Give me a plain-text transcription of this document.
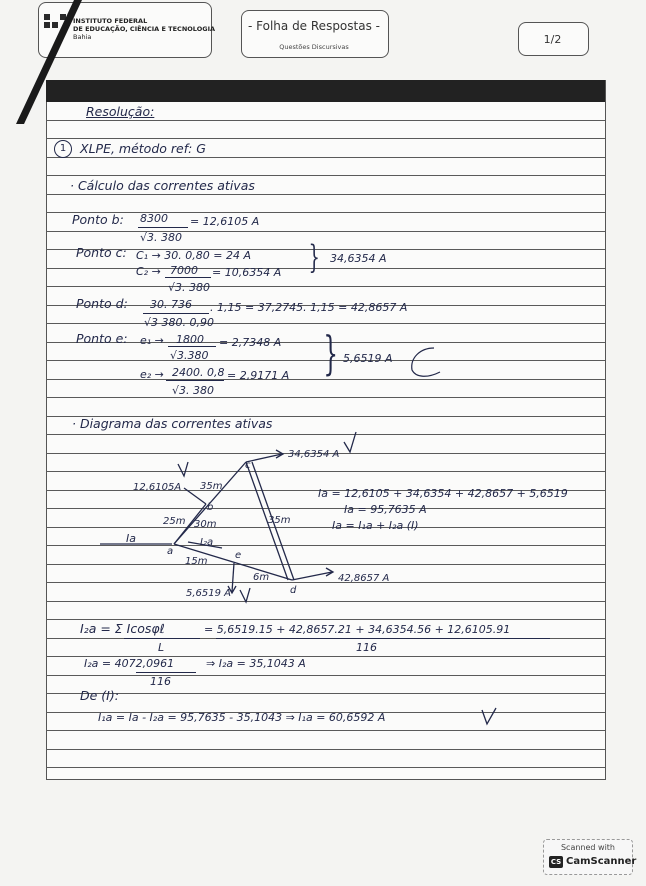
INSTITUTO FEDERAL
DE EDUCAÇÃO, CIÊNCIA E TECNOLOGIA
Bahia
- Folha de Respostas -
Questões Discursivas
1/2
Resolução:
1	XLPE, método ref: G
· Cálculo das correntes ativas
Ponto b: 8300
√3. 380
= 12,6105 A
Ponto c: C₁ → 30. 0,80 = 24 A
C₂ → 7000
√3. 380
= 10,6354 A } 34,6354 A
Ponto d: 30. 736
√3 380. 0,90
. 1,15 = 37,2745. 1,15 = 42,8657 A
Ponto e: e₁ → 1800
√3.380
= 2,7348 A
e₂ → 2400. 0,8
√3. 380
= 2,9171 A } 5,6519 A
· Diagrama das correntes ativas
34,6354 A
c
12,6105A 35m
b
25m 30m	35m
Ia	I₂a
a	e
15m
6m	42,8657 A
d
5,6519 A
Ia = 12,6105 + 34,6354 + 42,8657 + 5,6519
Ia = 95,7635 A
Ia = I₁a + I₂a (I)
I₂a = Σ Icosφℓ
L
= 5,6519.15 + 42,8657.21 + 34,6354.56 + 12,6105.91
116
I₂a = 4072,0961
116
⇒ I₂a = 35,1043 A
De (I):
I₁a = Ia - I₂a = 95,7635 - 35,1043 ⇒ I₁a = 60,6592 A
Scanned with
CS CamScanner
